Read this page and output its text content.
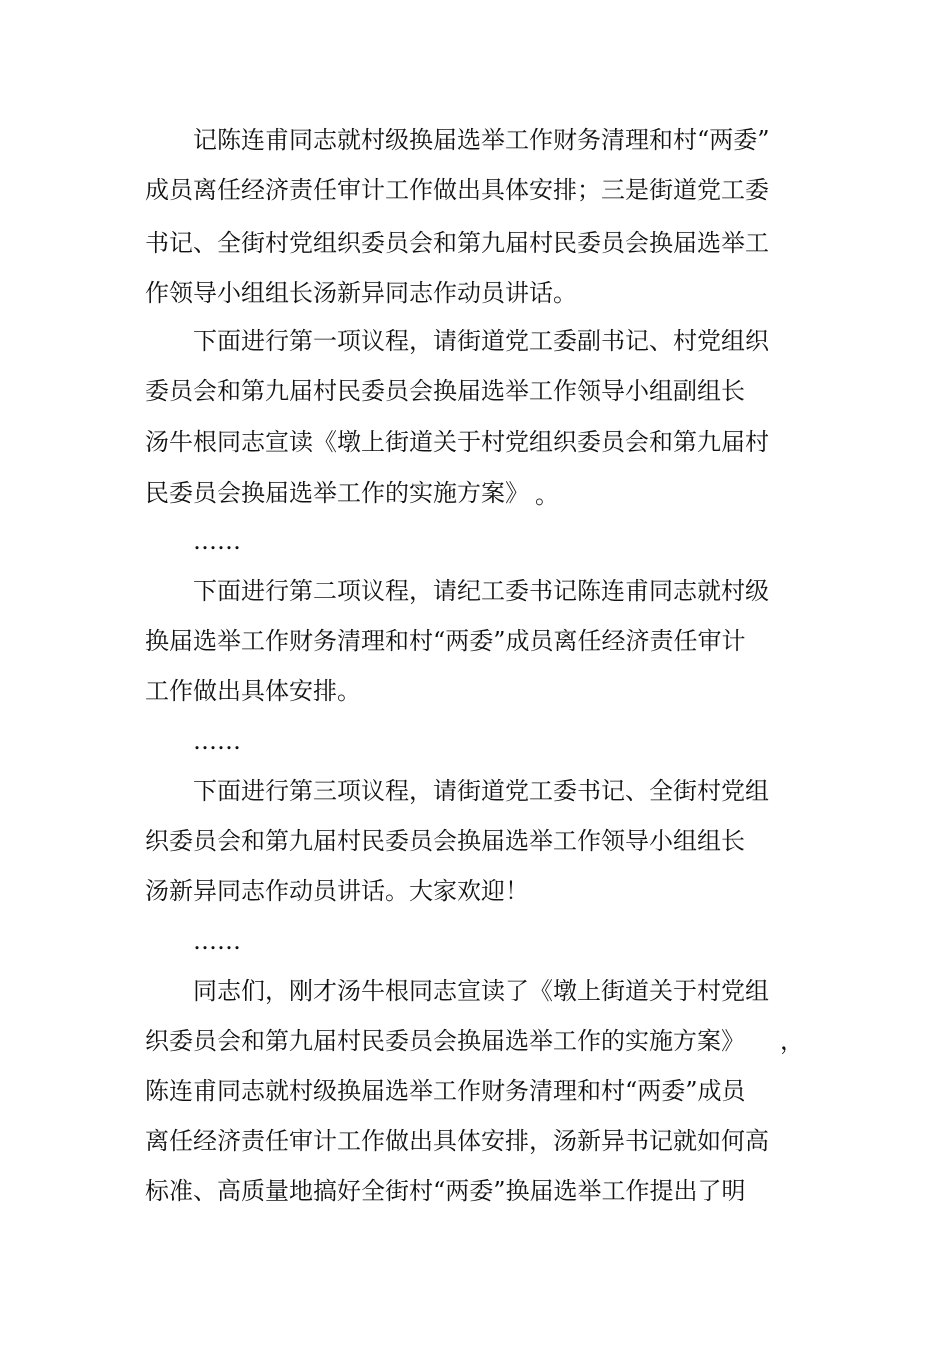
记陈连甫同志就村级换届选举工作财务清理和村“两委”
成员离任经济责任审计工作做出具体安排；三是街道党工委
书记、全街村党组织委员会和第九届村民委员会换届选举工
作领导小组组长汤新异同志作动员讲话。
下面进行第一项议程，请街道党工委副书记、村党组织
委员会和第九届村民委员会换届选举工作领导小组副组长
汤牛根同志宣读《墩上街道关于村党组织委员会和第九届村
民委员会换届选举工作的实施方案》 。
……
下面进行第二项议程，请纪工委书记陈连甫同志就村级
换届选举工作财务清理和村“两委”成员离任经济责任审计
工作做出具体安排。
……
下面进行第三项议程，请街道党工委书记、全街村党组
织委员会和第九届村民委员会换届选举工作领导小组组长
汤新异同志作动员讲话。大家欢迎！
……
同志们，刚才汤牛根同志宣读了《墩上街道关于村党组
织委员会和第九届村民委员会换届选举工作的实施方案》 ，
陈连甫同志就村级换届选举工作财务清理和村“两委”成员
离任经济责任审计工作做出具体安排，汤新异书记就如何高
标准、高质量地搞好全街村“两委”换届选举工作提出了明
